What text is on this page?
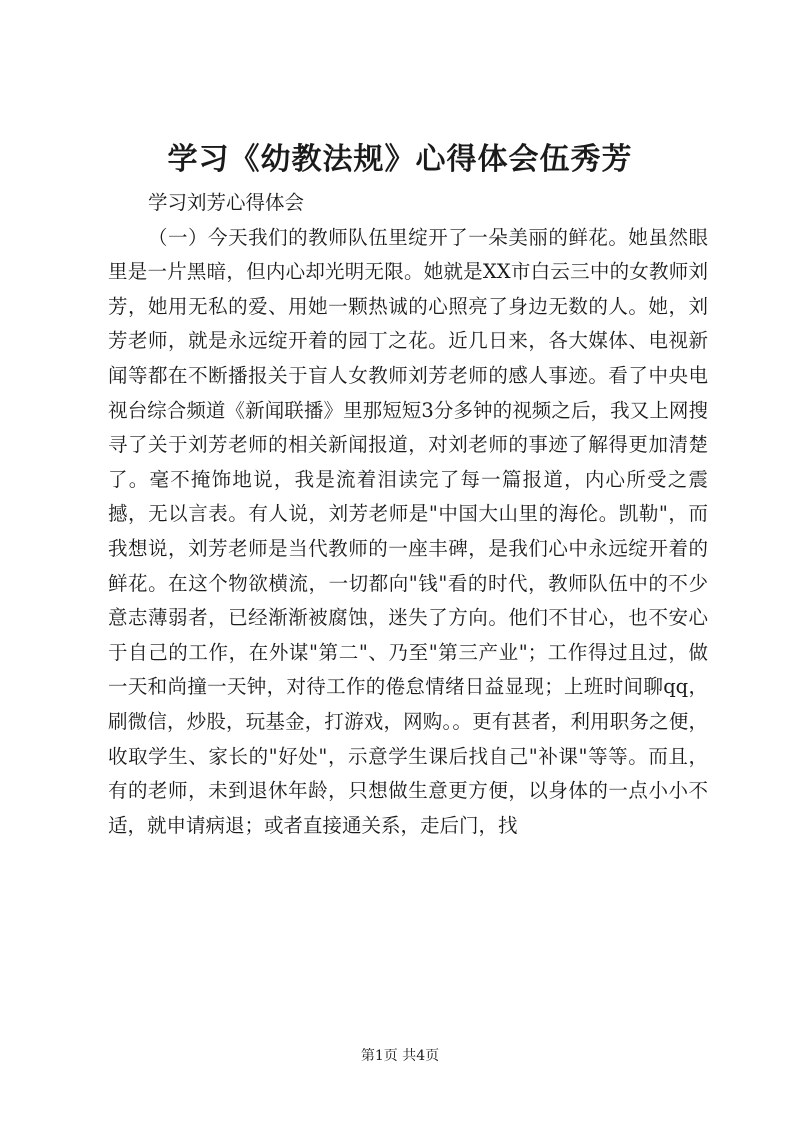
学习《幼教法规》心得体会伍秀芳

学习刘芳心得体会

（一）今天我们的教师队伍里绽开了一朵美丽的鲜花。她虽然眼里是一片黑暗，但内心却光明无限。她就是XX市白云三中的女教师刘芳，她用无私的爱、用她一颗热诚的心照亮了身边无数的人。她，刘芳老师，就是永远绽开着的园丁之花。近几日来，各大媒体、电视新闻等都在不断播报关于盲人女教师刘芳老师的感人事迹。看了中央电视台综合频道《新闻联播》里那短短3分多钟的视频之后，我又上网搜寻了关于刘芳老师的相关新闻报道，对刘老师的事迹了解得更加清楚了。毫不掩饰地说，我是流着泪读完了每一篇报道，内心所受之震撼，无以言表。有人说，刘芳老师是"中国大山里的海伦。凯勒"，而我想说，刘芳老师是当代教师的一座丰碑，是我们心中永远绽开着的鲜花。在这个物欲横流，一切都向"钱"看的时代，教师队伍中的不少意志薄弱者，已经渐渐被腐蚀，迷失了方向。他们不甘心，也不安心于自己的工作，在外谋"第二"、乃至"第三产业"；工作得过且过，做一天和尚撞一天钟，对待工作的倦怠情绪日益显现；上班时间聊qq，刷微信，炒股，玩基金，打游戏，网购。。更有甚者，利用职务之便，收取学生、家长的"好处"，示意学生课后找自己"补课"等等。而且，有的老师，未到退休年龄，只想做生意更方便，以身体的一点小小不适，就申请病退；或者直接通关系，走后门，找

第1页 共4页
